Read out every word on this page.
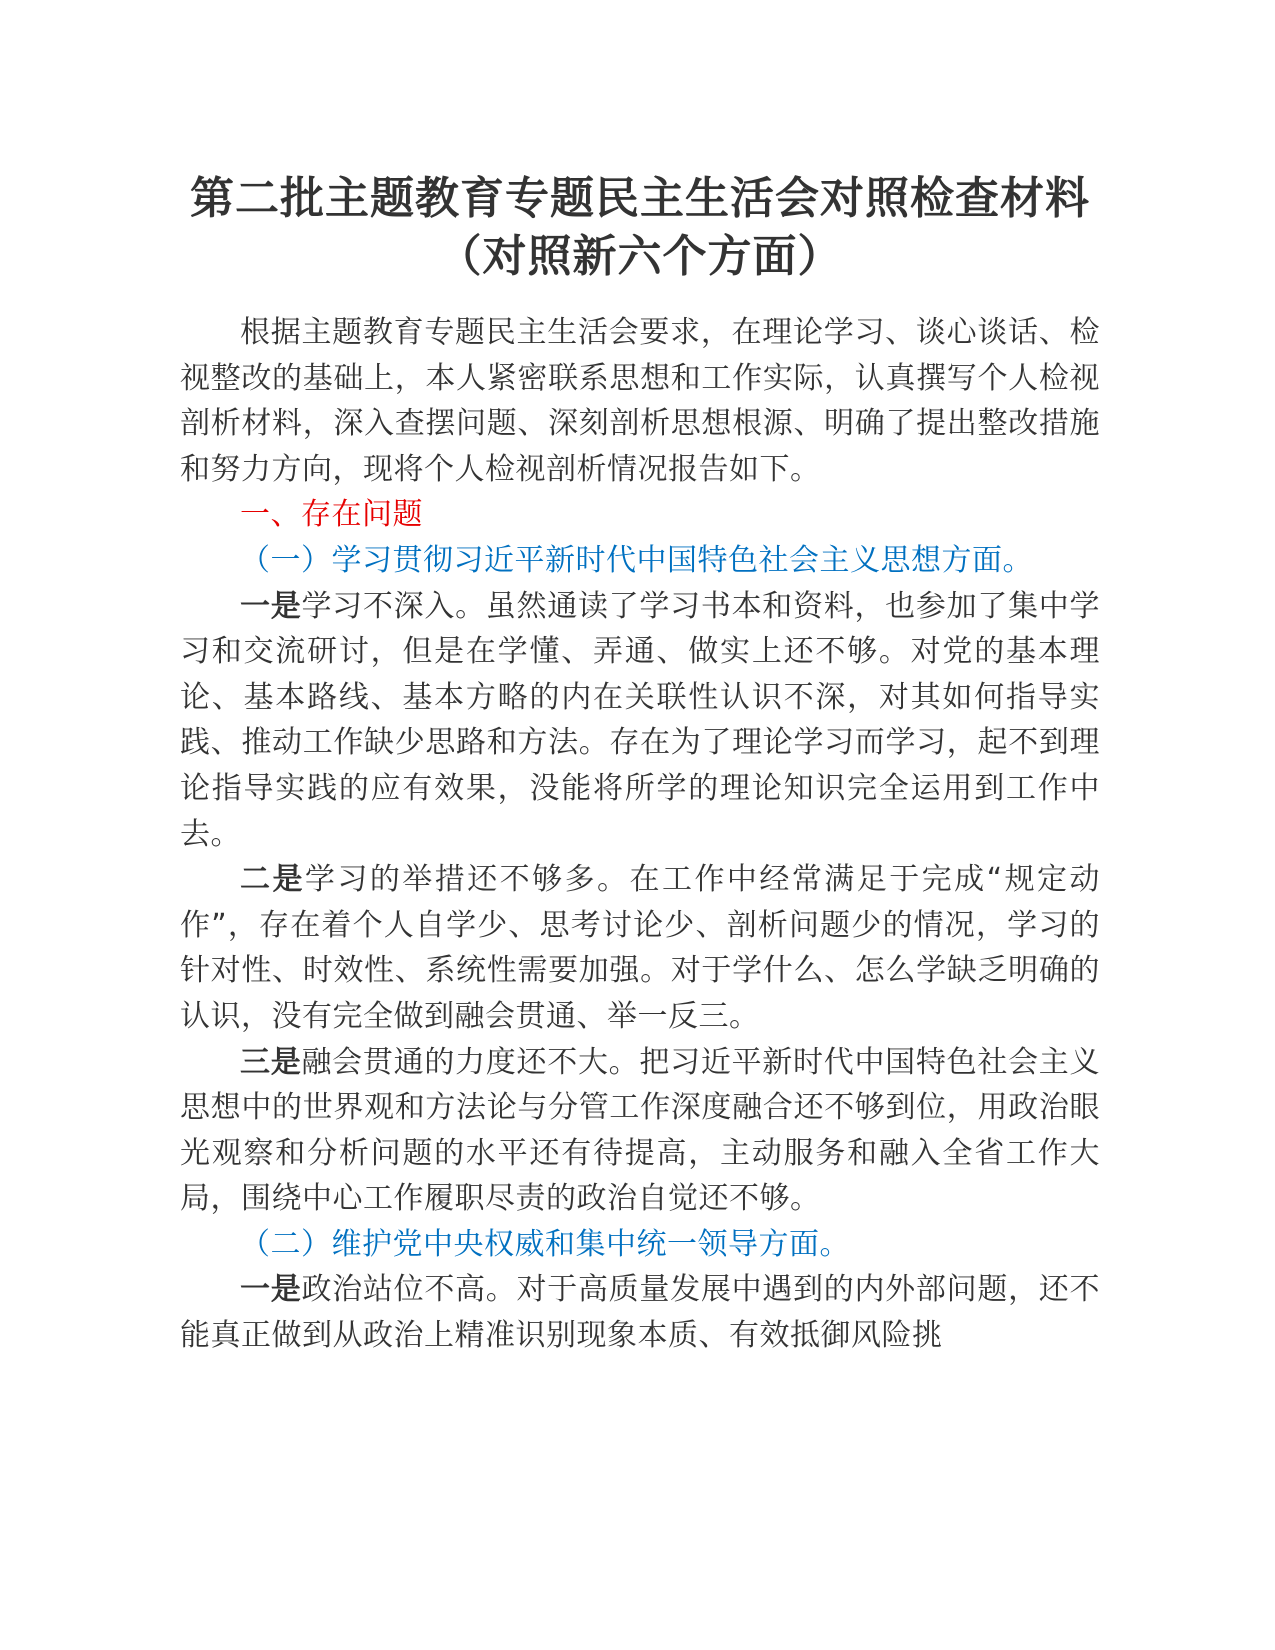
第二批主题教育专题民主生活会对照检查材料（对照新六个方面）

根据主题教育专题民主生活会要求，在理论学习、谈心谈话、检视整改的基础上，本人紧密联系思想和工作实际，认真撰写个人检视剖析材料，深入查摆问题、深刻剖析思想根源、明确了提出整改措施和努力方向，现将个人检视剖析情况报告如下。

一、存在问题

（一）学习贯彻习近平新时代中国特色社会主义思想方面。

一是学习不深入。虽然通读了学习书本和资料，也参加了集中学习和交流研讨，但是在学懂、弄通、做实上还不够。对党的基本理论、基本路线、基本方略的内在关联性认识不深，对其如何指导实践、推动工作缺少思路和方法。存在为了理论学习而学习，起不到理论指导实践的应有效果，没能将所学的理论知识完全运用到工作中去。

二是学习的举措还不够多。在工作中经常满足于完成“规定动作”，存在着个人自学少、思考讨论少、剖析问题少的情况，学习的针对性、时效性、系统性需要加强。对于学什么、怎么学缺乏明确的认识，没有完全做到融会贯通、举一反三。

三是融会贯通的力度还不大。把习近平新时代中国特色社会主义思想中的世界观和方法论与分管工作深度融合还不够到位，用政治眼光观察和分析问题的水平还有待提高，主动服务和融入全省工作大局，围绕中心工作履职尽责的政治自觉还不够。

（二）维护党中央权威和集中统一领导方面。

一是政治站位不高。对于高质量发展中遇到的内外部问题，还不能真正做到从政治上精准识别现象本质、有效抵御风险挑
